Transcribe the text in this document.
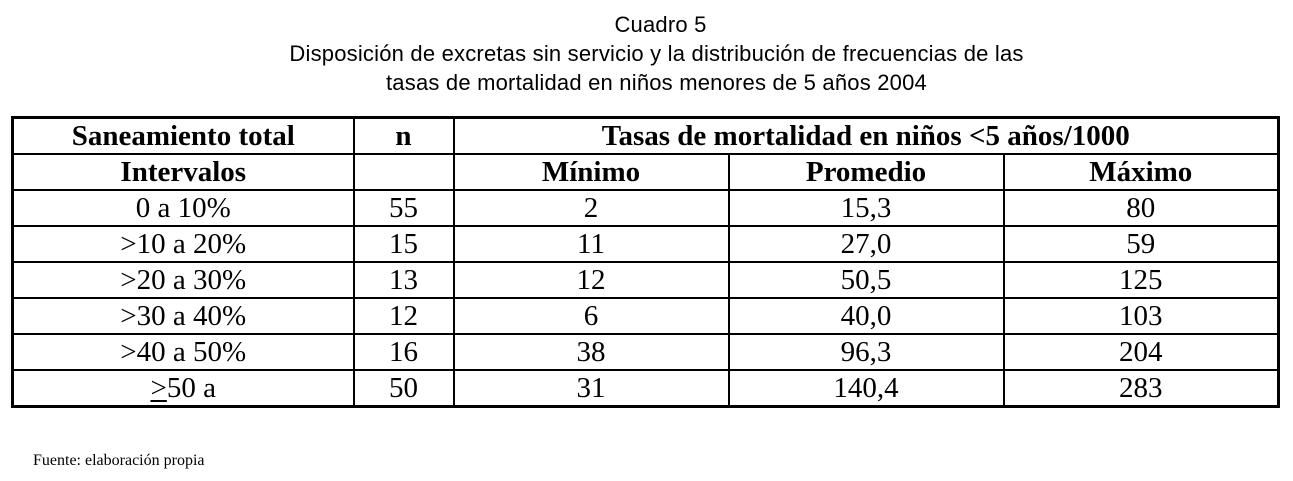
Cuadro 5
Disposición de excretas sin servicio y la distribución de frecuencias de las
tasas de mortalidad en niños menores de 5 años 2004
Saneamiento total	n	Tasas de mortalidad en niños <5 años/1000		
Intervalos		Mínimo	Promedio	Máximo
0 a 10%	55	2	15,3	80
>10 a 20%	15	11	27,0	59
>20 a 30%	13	12	50,5	125
>30 a 40%	12	6	40,0	103
>40 a 50%	16	38	96,3	204
≥50 a	50	31	140,4	283
Fuente: elaboración propia
